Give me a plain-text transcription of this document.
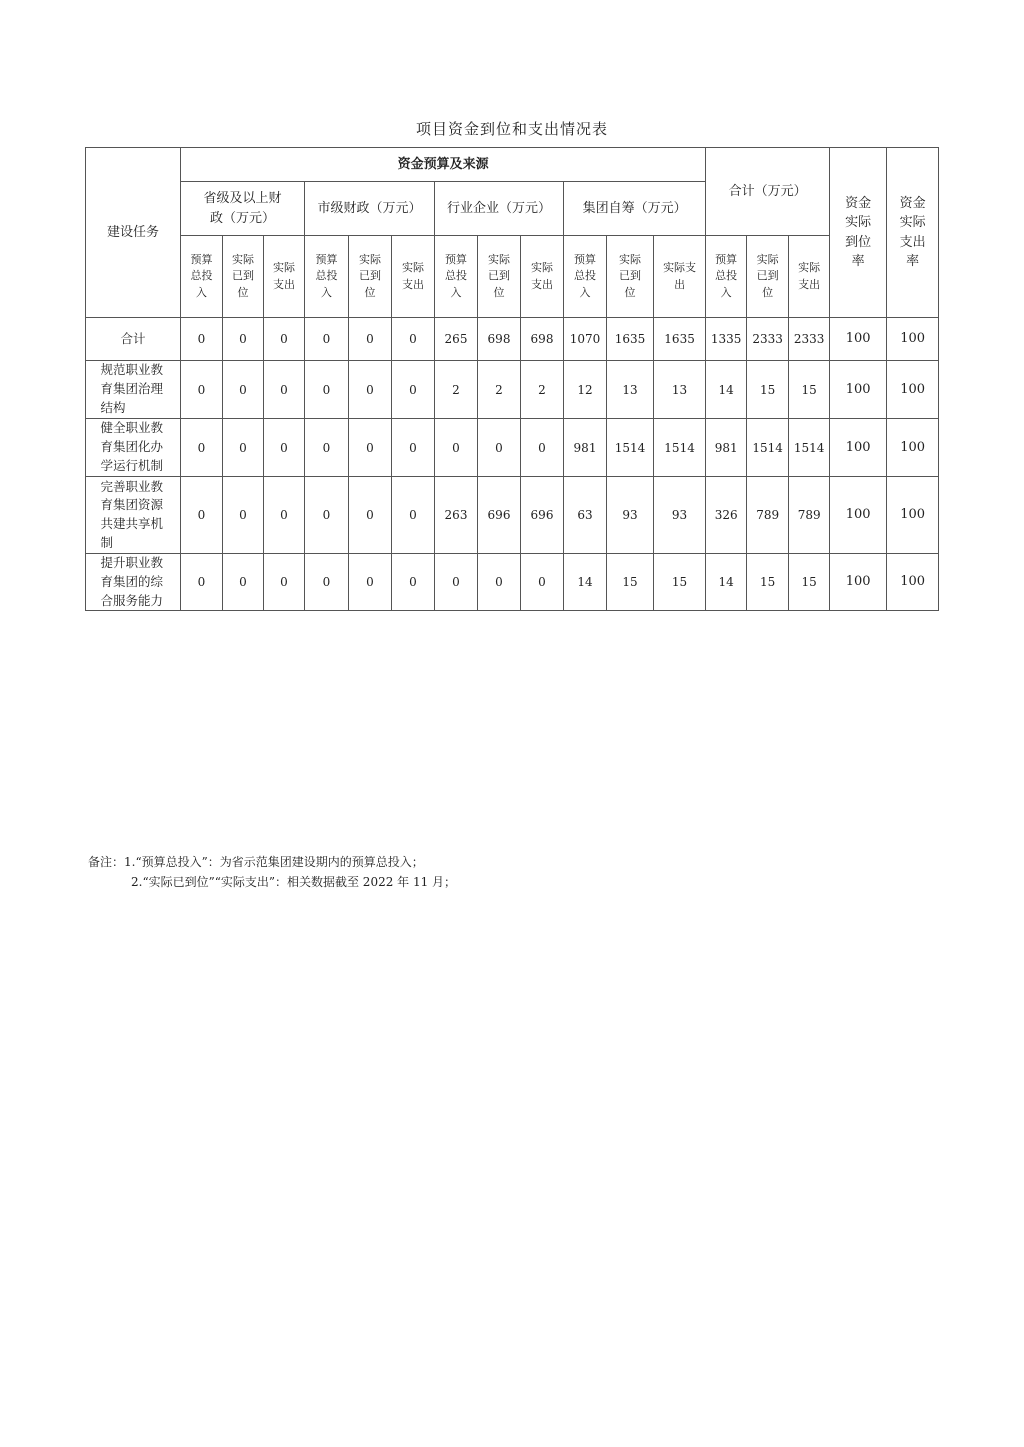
项目资金到位和支出情况表
建设任务	资金预算及来源												合计（万元）			资金实际到位率	资金实际支出率

	省级及以上财政（万元）			市级财政（万元）			行业企业（万元）			集团自筹（万元）							

	预算总投入	实际已到位	实际支出	预算总投入	实际已到位	实际支出	预算总投入	实际已到位	实际支出	预算总投入	实际已到位	实际支出	预算总投入	实际已到位	实际支出		

合计	0	0	0	0	0	0	265	698	698	1070	1635	1635	1335	2333	2333	100	100

规范职业教育集团治理结构	0	0	0	0	0	0	2	2	2	12	13	13	14	15	15	100	100

健全职业教育集团化办学运行机制	0	0	0	0	0	0	0	0	0	981	1514	1514	981	1514	1514	100	100

完善职业教育集团资源共建共享机制	0	0	0	0	0	0	263	696	696	63	93	93	326	789	789	100	100

提升职业教育集团的综合服务能力	0	0	0	0	0	0	0	0	0	14	15	15	14	15	15	100	100
备注：1.“预算总投入”：为省示范集团建设期内的预算总投入；
2.“实际已到位”“实际支出”：相关数据截至 2022 年 11 月；
